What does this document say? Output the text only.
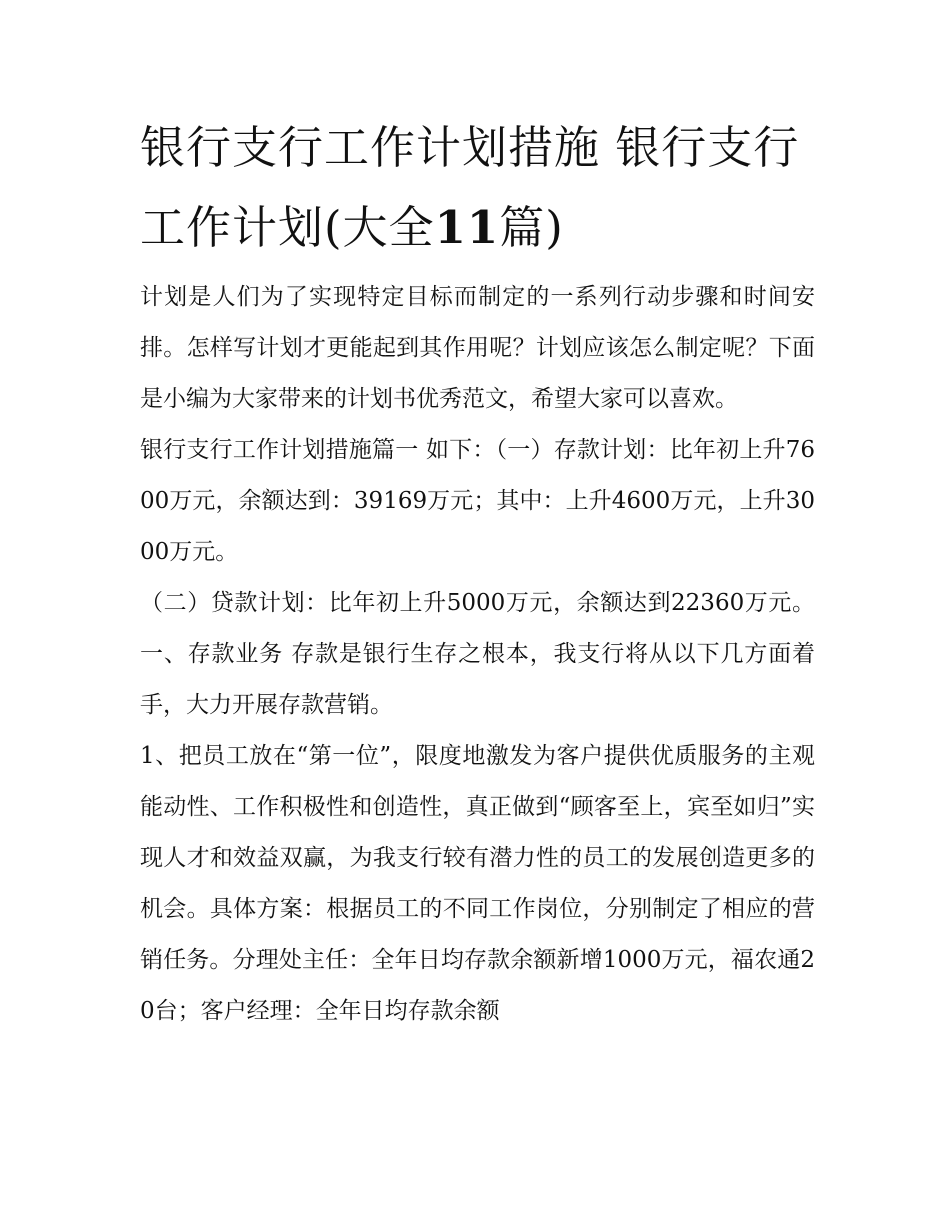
银行支行工作计划措施 银行支行工作计划(大全11篇)

计划是人们为了实现特定目标而制定的一系列行动步骤和时间安排。怎样写计划才更能起到其作用呢？计划应该怎么制定呢？下面是小编为大家带来的计划书优秀范文，希望大家可以喜欢。

银行支行工作计划措施篇一 如下：（一）存款计划：比年初上升7600万元，余额达到：39169万元；其中：上升4600万元，上升3000万元。

（二）贷款计划：比年初上升5000万元，余额达到22360万元。 一、存款业务 存款是银行生存之根本，我支行将从以下几方面着手，大力开展存款营销。

1、把员工放在“第一位”，限度地激发为客户提供优质服务的主观能动性、工作积极性和创造性，真正做到“顾客至上，宾至如归”实现人才和效益双赢，为我支行较有潜力性的员工的发展创造更多的机会。具体方案：根据员工的不同工作岗位，分别制定了相应的营销任务。分理处主任：全年日均存款余额新增1000万元，福农通20台；客户经理：全年日均存款余额
